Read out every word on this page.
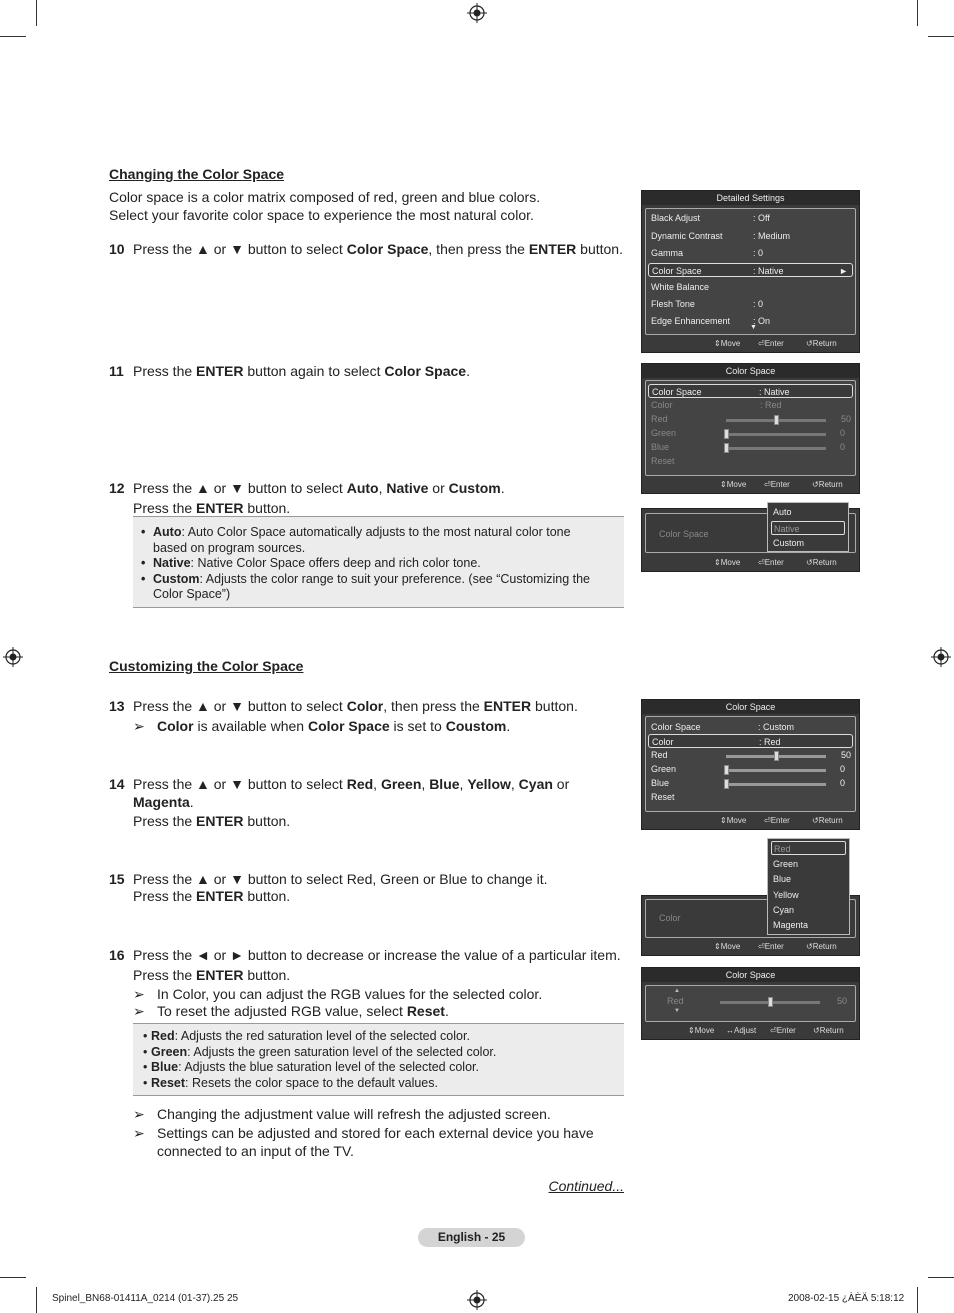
Changing the Color Space
Color space is a color matrix composed of red, green and blue colors.
Select your favorite color space to experience the most natural color.
10 Press the ▲ or ▼ button to select Color Space, then press the ENTER button.
11 Press the ENTER button again to select Color Space.
12 Press the ▲ or ▼ button to select Auto, Native or Custom.
Press the ENTER button.
• Auto: Auto Color Space automatically adjusts to the most natural color tone
based on program sources.
• Native: Native Color Space offers deep and rich color tone.
• Custom: Adjusts the color range to suit your preference. (see “Customizing the
Color Space”)
Customizing the Color Space
13 Press the ▲ or ▼ button to select Color, then press the ENTER button.
➢ Color is available when Color Space is set to Coustom.
14 Press the ▲ or ▼ button to select Red, Green, Blue, Yellow, Cyan or
Magenta.
Press the ENTER button.
15 Press the ▲ or ▼ button to select Red, Green or Blue to change it.
Press the ENTER button.
16 Press the ◄ or ► button to decrease or increase the value of a particular item.
Press the ENTER button.
➢ In Color, you can adjust the RGB values for the selected color.
➢ To reset the adjusted RGB value, select Reset.
• Red: Adjusts the red saturation level of the selected color.
• Green: Adjusts the green saturation level of the selected color.
• Blue: Adjusts the blue saturation level of the selected color.
• Reset: Resets the color space to the default values.
➢ Changing the adjustment value will refresh the adjusted screen.
➢ Settings can be adjusted and stored for each external device you have
connected to an input of the TV.
Continued...
English - 25
Spinel_BN68-01411A_0214 (01-37).25 25	2008-02-15 ¿ÀÈÄ 5:18:12
Detailed Settings
Black Adjust	: Off
Dynamic Contrast	: Medium
Gamma	: 0
Color Space	: Native	►
White Balance
Flesh Tone	: 0
Edge Enhancement	: On
▼
⇕ Move ⏎ Enter	↺ Return
Color Space
Color Space	: Native
Color	: Red
Red	50
Green	0
Blue	0
Reset
⇕ Move ⏎ Enter	↺ Return
Color Space
⇕ Move ⏎ Enter	↺ Return
Auto
Native
Custom
Color Space
Color Space	: Custom
Color	: Red
Red	50
Green	0
Blue	0
Reset
⇕ Move ⏎ Enter	↺ Return
Color
⇕ Move ⏎ Enter	↺ Return
Red
Green
Blue
Yellow
Cyan
Magenta
Color Space
▲
Red
▼
50
⇕ Move ↔ Adjust ⏎ Enter ↺ Return
